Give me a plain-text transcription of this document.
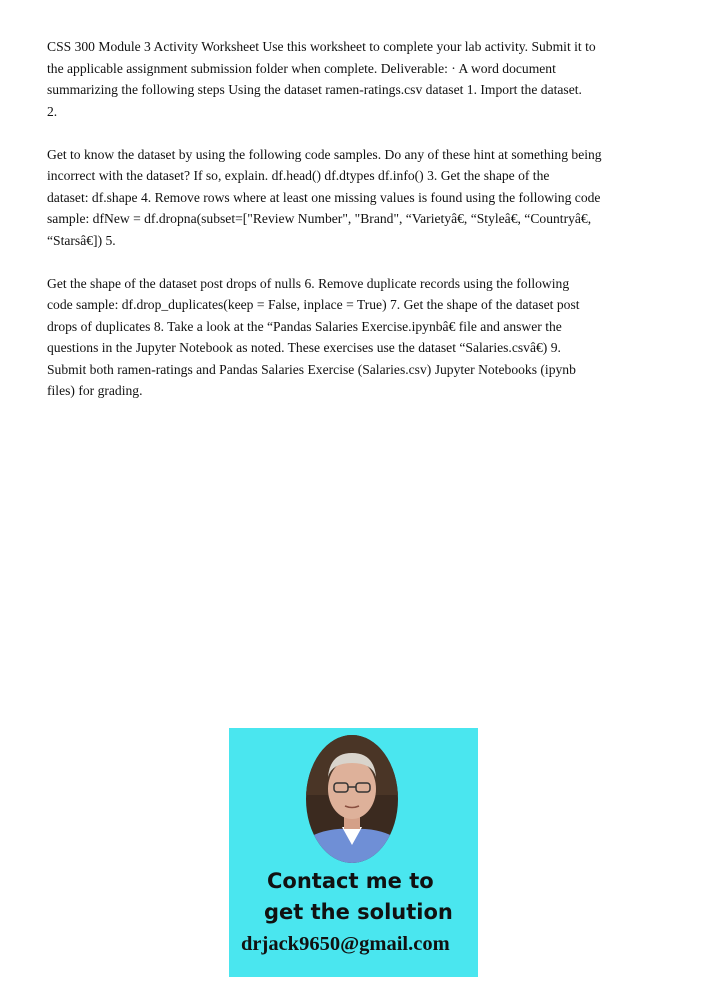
CSS 300 Module 3 Activity Worksheet Use this worksheet to complete your lab activity. Submit it to
the applicable assignment submission folder when complete. Deliverable: · A word document
summarizing the following steps Using the dataset ramen-ratings.csv dataset 1. Import the dataset.
2.

Get to know the dataset by using the following code samples. Do any of these hint at something being
incorrect with the dataset? If so, explain. df.head() df.dtypes df.info() 3. Get the shape of the
dataset: df.shape 4. Remove rows where at least one missing values is found using the following code
sample: dfNew = df.dropna(subset=["Review Number", "Brand", “Varietyâ€, “Styleâ€, “Countryâ€,
“Starsâ€]) 5.

Get the shape of the dataset post drops of nulls 6. Remove duplicate records using the following
code sample: df.drop_duplicates(keep = False, inplace = True) 7. Get the shape of the dataset post
drops of duplicates 8. Take a look at the “Pandas Salaries Exercise.ipynbâ€ file and answer the
questions in the Jupyter Notebook as noted. These exercises use the dataset “Salaries.csvâ€) 9.
Submit both ramen-ratings and Pandas Salaries Exercise (Salaries.csv) Jupyter Notebooks (ipynb
files) for grading.

Contact me to
get the solution
drjack9650@gmail.com
